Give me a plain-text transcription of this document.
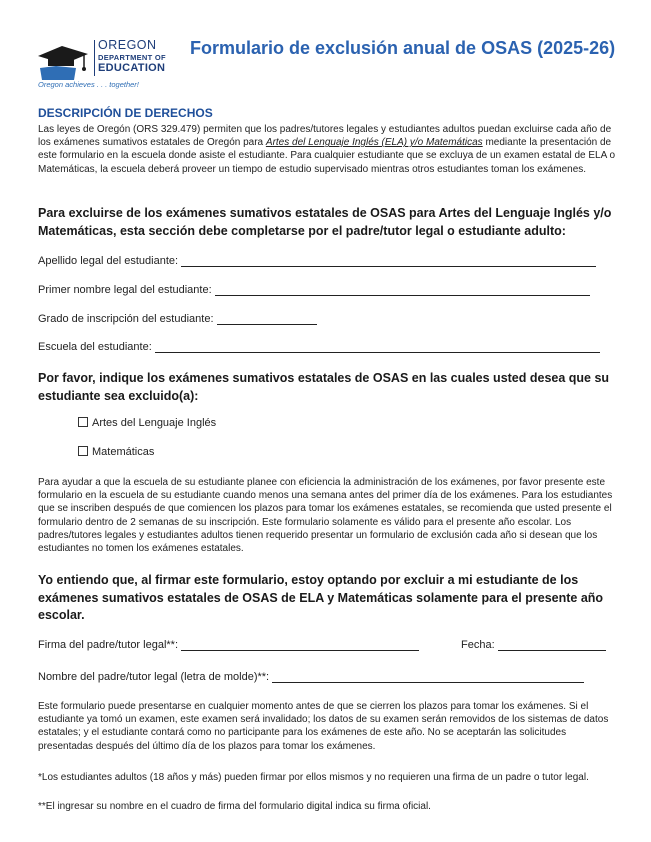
OREGON
DEPARTMENT OF
EDUCATION
Oregon achieves . . . together!
Formulario de exclusión anual de OSAS (2025-26)
DESCRIPCIÓN DE DERECHOS
Las leyes de Oregón (ORS 329.479) permiten que los padres/tutores legales y estudiantes adultos puedan excluirse cada año de los exámenes sumativos estatales de Oregón para Artes del Lenguaje Inglés (ELA) y/o Matemáticas mediante la presentación de este formulario en la escuela donde asiste el estudiante. Para cualquier estudiante que se excluya de un examen estatal de ELA o Matemáticas, la escuela deberá proveer un tiempo de estudio supervisado mientras otros estudiantes toman los exámenes.
Para excluirse de los exámenes sumativos estatales de OSAS para Artes del Lenguaje Inglés y/o Matemáticas, esta sección debe completarse por el padre/tutor legal o estudiante adulto:
Apellido legal del estudiante:
Primer nombre legal del estudiante:
Grado de inscripción del estudiante:
Escuela del estudiante:
Por favor, indique los exámenes sumativos estatales de OSAS en las cuales usted desea que su estudiante sea excluido(a):
Artes del Lenguaje Inglés
Matemáticas
Para ayudar a que la escuela de su estudiante planee con eficiencia la administración de los exámenes, por favor presente este formulario en la escuela de su estudiante cuando menos una semana antes del primer día de los exámenes. Para los estudiantes que se inscriben después de que comiencen los plazos para tomar los exámenes estatales, se recomienda que usted presente el formulario dentro de 2 semanas de su inscripción. Este formulario solamente es válido para el presente año escolar. Los padres/tutores legales y estudiantes adultos tienen requerido presentar un formulario de exclusión cada año si desean que los estudiantes no tomen los exámenes estatales.
Yo entiendo que, al firmar este formulario, estoy optando por excluir a mi estudiante de los exámenes sumativos estatales de OSAS de ELA y Matemáticas solamente para el presente año escolar.
Firma del padre/tutor legal**:	Fecha:
Nombre del padre/tutor legal (letra de molde)**:
Este formulario puede presentarse en cualquier momento antes de que se cierren los plazos para tomar los exámenes. Si el estudiante ya tomó un examen, este examen será invalidado; los datos de su examen serán removidos de los sistemas de datos estatales; y el estudiante contará como no participante para los exámenes de este año. No se aceptarán las solicitudes presentadas después del último día de los plazos para tomar los exámenes.
*Los estudiantes adultos (18 años y más) pueden firmar por ellos mismos y no requieren una firma de un padre o tutor legal.
**El ingresar su nombre en el cuadro de firma del formulario digital indica su firma oficial.
